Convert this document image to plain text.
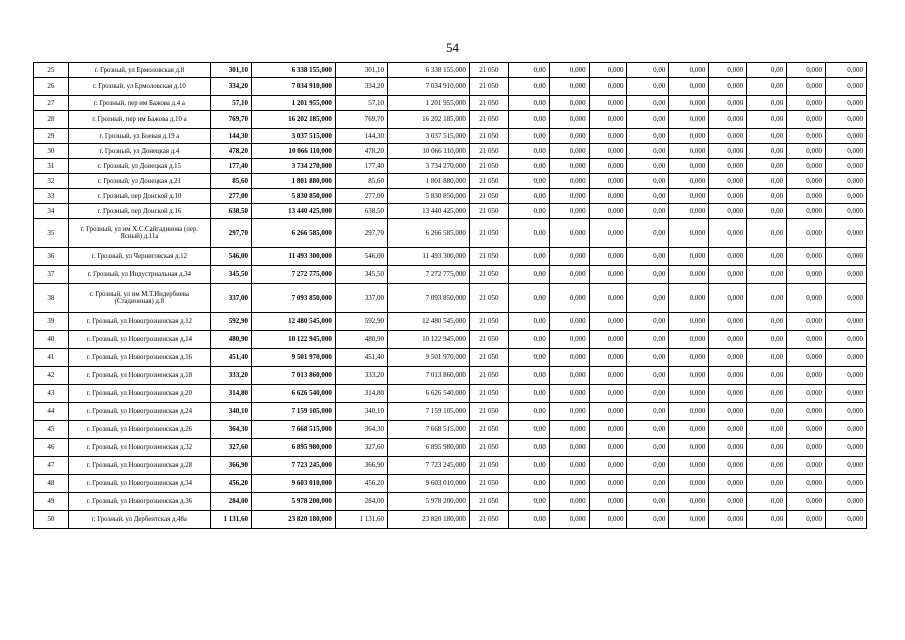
54
25	г. Грозный, ул Ермоловская д.8	301,10	6 338 155,000	301,10	6 338 155,000	21 050	0,00	0,000	0,000	0,00	0,000	0,000	0,00	0,000	0,000
26	г. Грозный, ул Ермоловская д.10	334,20	7 034 910,000	334,20	7 034 910,000	21 050	0,00	0,000	0,000	0,00	0,000	0,000	0,00	0,000	0,000
27	г. Грозный, пер им Бажова д.4 а	57,10	1 201 955,000	57,10	1 201 955,000	21 050	0,00	0,000	0,000	0,00	0,000	0,000	0,00	0,000	0,000
28	г. Грозный, пер им Бажова д.10 а	769,70	16 202 185,000	769,70	16 202 185,000	21 050	0,00	0,000	0,000	0,00	0,000	0,000	0,00	0,000	0,000
29	г. Грозный, ул Боевая д.19 а	144,30	3 037 515,000	144,30	3 037 515,000	21 050	0,00	0,000	0,000	0,00	0,000	0,000	0,00	0,000	0,000
30	г. Грозный, ул Донецкая д.4	478,20	10 066 110,000	478,20	10 066 110,000	21 050	0,00	0,000	0,000	0,00	0,000	0,000	0,00	0,000	0,000
31	г. Грозный, ул Донецкая д.15	177,40	3 734 270,000	177,40	3 734 270,000	21 050	0,00	0,000	0,000	0,00	0,000	0,000	0,00	0,000	0,000
32	г. Грозный, ул Донецкая д.21	85,60	1 801 880,000	85,60	1 801 880,000	21 050	0,00	0,000	0,000	0,00	0,000	0,000	0,00	0,000	0,000
33	г. Грозный, пер Донской д.10	277,00	5 830 850,000	277,00	5 830 850,000	21 050	0,00	0,000	0,000	0,00	0,000	0,000	0,00	0,000	0,000
34	г. Грозный, пер Донской д.16	638,50	13 440 425,000	638,50	13 440 425,000	21 050	0,00	0,000	0,000	0,00	0,000	0,000	0,00	0,000	0,000
35	г. Грозный, ул им Х.С.Сайгадинова (пер. Ясный) д.11а	297,70	6 266 585,000	297,70	6 266 585,000	21 050	0,00	0,000	0,000	0,00	0,000	0,000	0,00	0,000	0,000
36	г. Грозный, ул Черниговская д.12	546,00	11 493 300,000	546,00	11 493 300,000	21 050	0,00	0,000	0,000	0,00	0,000	0,000	0,00	0,000	0,000
37	г. Грозный, ул Индустриальная д.34	345,50	7 272 775,000	345,50	7 272 775,000	21 050	0,00	0,000	0,000	0,00	0,000	0,000	0,00	0,000	0,000
38	г. Грозный, ул им М.Т.Индербиева (Стадионная) д.8	337,00	7 093 850,000	337,00	7 093 850,000	21 050	0,00	0,000	0,000	0,00	0,000	0,000	0,00	0,000	0,000
39	г. Грозный, ул Новогрозненская д.12	592,90	12 480 545,000	592,90	12 480 545,000	21 050	0,00	0,000	0,000	0,00	0,000	0,000	0,00	0,000	0,000
40	г. Грозный, ул Новогрозненская д.14	480,90	10 122 945,000	480,90	10 122 945,000	21 050	0,00	0,000	0,000	0,00	0,000	0,000	0,00	0,000	0,000
41	г. Грозный, ул Новогрозненская д.16	451,40	9 501 970,000	451,40	9 501 970,000	21 050	0,00	0,000	0,000	0,00	0,000	0,000	0,00	0,000	0,000
42	г. Грозный, ул Новогрозненская д.18	333,20	7 013 860,000	333,20	7 013 860,000	21 050	0,00	0,000	0,000	0,00	0,000	0,000	0,00	0,000	0,000
43	г. Грозный, ул Новогрозненская д.20	314,80	6 626 540,000	314,80	6 626 540,000	21 050	0,00	0,000	0,000	0,00	0,000	0,000	0,00	0,000	0,000
44	г. Грозный, ул Новогрозненская д.24	340,10	7 159 105,000	340,10	7 159 105,000	21 050	0,00	0,000	0,000	0,00	0,000	0,000	0,00	0,000	0,000
45	г. Грозный, ул Новогрозненская д.26	364,30	7 668 515,000	364,30	7 668 515,000	21 050	0,00	0,000	0,000	0,00	0,000	0,000	0,00	0,000	0,000
46	г. Грозный, ул Новогрозненская д.32	327,60	6 895 980,000	327,60	6 895 980,000	21 050	0,00	0,000	0,000	0,00	0,000	0,000	0,00	0,000	0,000
47	г. Грозный, ул Новогрозненская д.28	366,90	7 723 245,000	366,90	7 723 245,000	21 050	0,00	0,000	0,000	0,00	0,000	0,000	0,00	0,000	0,000
48	г. Грозный, ул Новогрозненская д.34	456,20	9 603 010,000	456,20	9 603 010,000	21 050	0,00	0,000	0,000	0,00	0,000	0,000	0,00	0,000	0,000
49	г. Грозный, ул Новогрозненская д.36	284,00	5 978 200,000	284,00	5 978 200,000	21 050	0,00	0,000	0,000	0,00	0,000	0,000	0,00	0,000	0,000
50	г. Грозный, ул Дербентская д.48а	1 131,60	23 820 180,000	1 131,60	23 820 180,000	21 050	0,00	0,000	0,000	0,00	0,000	0,000	0,00	0,000	0,000
